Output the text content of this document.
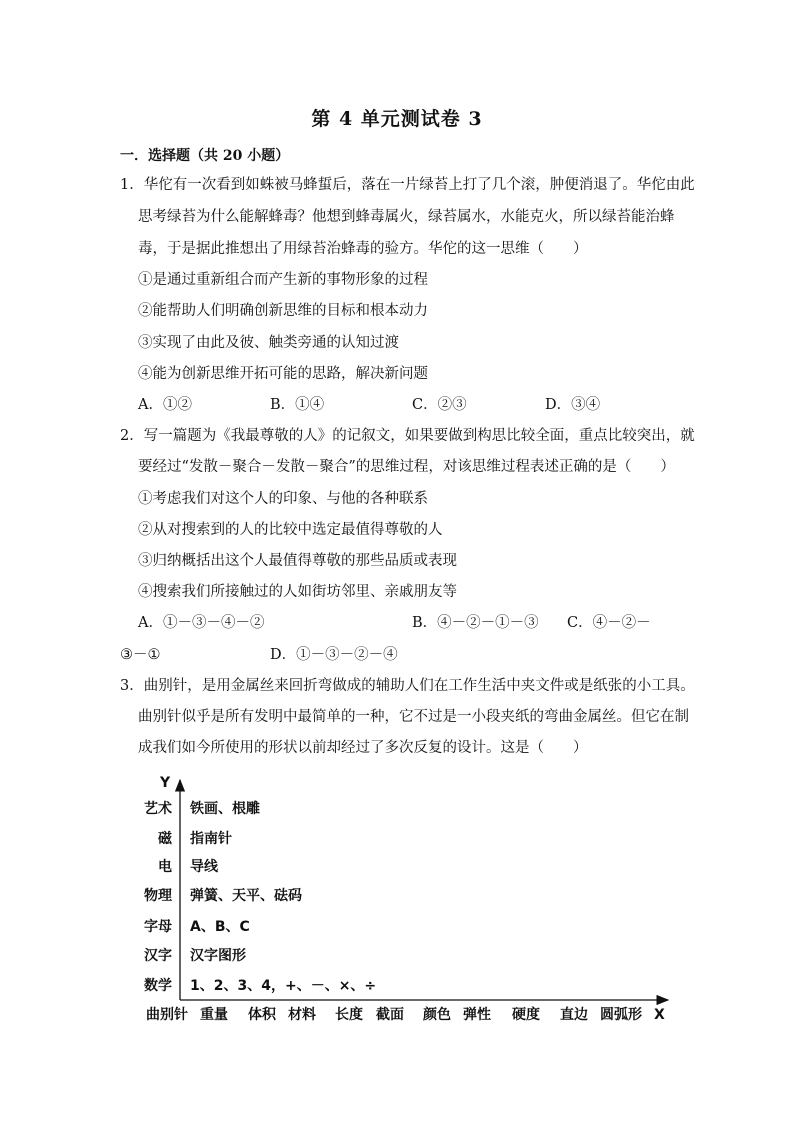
第 4 单元测试卷 3
一．选择题（共 20 小题）
1．华佗有一次看到如蛛被马蜂蜇后，落在一片绿苔上打了几个滚，肿便消退了。华佗由此
思考绿苔为什么能解蜂毒？他想到蜂毒属火，绿苔属水，水能克火，所以绿苔能治蜂
毒，于是据此推想出了用绿苔治蜂毒的验方。华佗的这一思维（　　）
①是通过重新组合而产生新的事物形象的过程
②能帮助人们明确创新思维的目标和根本动力
③实现了由此及彼、触类旁通的认知过渡
④能为创新思维开拓可能的思路，解决新问题
A．①②	B．①④	C．②③	D．③④
2．写一篇题为《我最尊敬的人》的记叙文，如果要做到构思比较全面，重点比较突出，就
要经过“发散－聚合－发散－聚合”的思维过程，对该思维过程表述正确的是（　　）
①考虑我们对这个人的印象、与他的各种联系
②从对搜索到的人的比较中选定最值得尊敬的人
③归纳概括出这个人最值得尊敬的那些品质或表现
④搜索我们所接触过的人如街坊邻里、亲戚朋友等
A．①－③－④－②	B．④－②－①－③ C．④－②－
③－①	D．①－③－②－④
3．曲别针，是用金属丝来回折弯做成的辅助人们在工作生活中夹文件或是纸张的小工具。
曲别针似乎是所有发明中最简单的一种，它不过是一小段夹纸的弯曲金属丝。但它在制
成我们如今所使用的形状以前却经过了多次反复的设计。这是（　　）
Y
X
曲别针
艺术 铁画、根雕
磁 指南针
电 导线
物理 弹簧、天平、砝码
字母 A、B、C
汉字 汉字图形
数学 1、2、3、4，+、－、×、÷
重量 体积 材料 长度 截面 颜色 弹性 硬度 直边 圆弧形
